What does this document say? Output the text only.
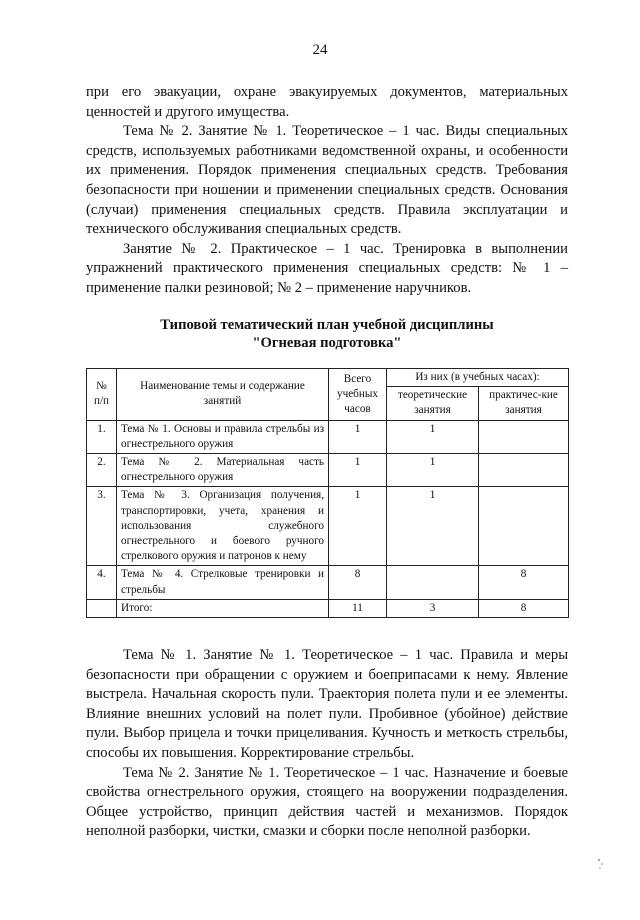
24

при его эвакуации, охране эвакуируемых документов, материальных ценностей и другого имущества.

Тема № 2. Занятие № 1. Теоретическое – 1 час. Виды специальных средств, используемых работниками ведомственной охраны, и особенности их применения. Порядок применения специальных средств. Требования безопасности при ношении и применении специальных средств. Основания (случаи) применения специальных средств. Правила эксплуатации и технического обслуживания специальных средств.

Занятие № 2. Практическое – 1 час. Тренировка в выполнении упражнений практического применения специальных средств: № 1 – применение палки резиновой; № 2 – применение наручников.

Типовой тематический план учебной дисциплины
"Огневая подготовка"
№ п/п	Наименование темы и содержание занятий	Всего учебных часов	Из них (в учебных часах):	
			теоретические занятия	практичес-кие занятия
1.	Тема № 1. Основы и правила стрельбы из огнестрельного оружия	1	1	
2.	Тема № 2. Материальная часть огнестрельного оружия	1	1	
3.	Тема № 3. Организация получения, транспортировки, учета, хранения и использования служебного огнестрельного и боевого ручного стрелкового оружия и патронов к нему	1	1	
4.	Тема № 4. Стрелковые тренировки и стрельбы	8		8
	Итого:	11	3	8

Тема № 1. Занятие № 1. Теоретическое – 1 час. Правила и меры безопасности при обращении с оружием и боеприпасами к нему. Явление выстрела. Начальная скорость пули. Траектория полета пули и ее элементы. Влияние внешних условий на полет пули. Пробивное (убойное) действие пули. Выбор прицела и точки прицеливания. Кучность и меткость стрельбы, способы их повышения. Корректирование стрельбы.

Тема № 2. Занятие № 1. Теоретическое – 1 час. Назначение и боевые свойства огнестрельного оружия, стоящего на вооружении подразделения. Общее устройство, принцип действия частей и механизмов. Порядок неполной разборки, чистки, смазки и сборки после неполной разборки.
